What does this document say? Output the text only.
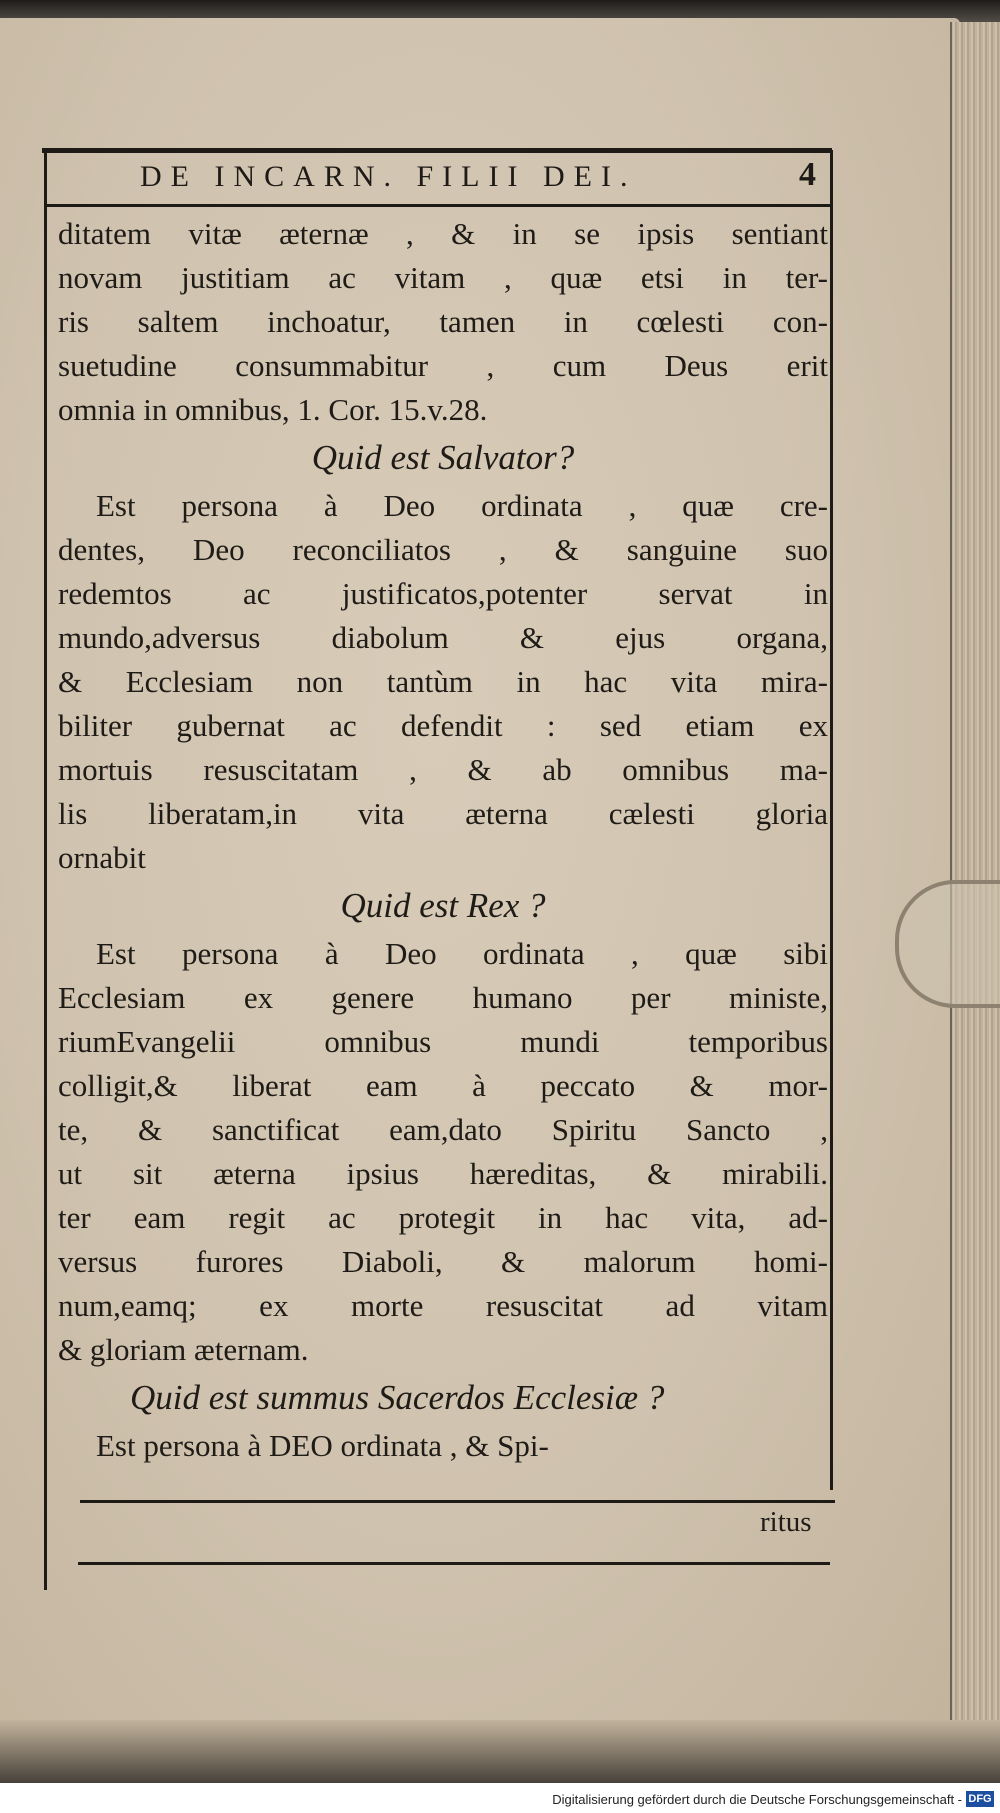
DE INCARN. FILII DEI.	4
ditatem vitæ æternæ , & in se ipsis sentiant
novam justitiam ac vitam , quæ etsi in ter-
ris saltem inchoatur, tamen in cœlesti con-
suetudine consummabitur , cum Deus erit
omnia in omnibus, 1. Cor. 15.v.28.
Quid est Salvator?
Est persona à Deo ordinata , quæ cre-
dentes, Deo reconciliatos , & sanguine suo
redemtos ac justificatos,potenter servat in
mundo,adversus diabolum & ejus organa,
& Ecclesiam non tantùm in hac vita mira-
biliter gubernat ac defendit : sed etiam ex
mortuis resuscitatam , & ab omnibus ma-
lis liberatam,in vita æterna cælesti gloria
ornabit
Quid est Rex ?
Est persona à Deo ordinata , quæ sibi
Ecclesiam ex genere humano per ministe,
riumEvangelii omnibus mundi temporibus
colligit,& liberat eam à peccato & mor-
te, & sanctificat eam,dato Spiritu Sancto ,
ut sit æterna ipsius hæreditas, & mirabili.
ter eam regit ac protegit in hac vita, ad-
versus furores Diaboli, & malorum homi-
num,eamq; ex morte resuscitat ad vitam
& gloriam æternam.
Quid est summus Sacerdos Ecclesiæ ?
Est persona à DEO ordinata , & Spi-
ritus
Digitalisierung gefördert durch die Deutsche Forschungsgemeinschaft - DFG
